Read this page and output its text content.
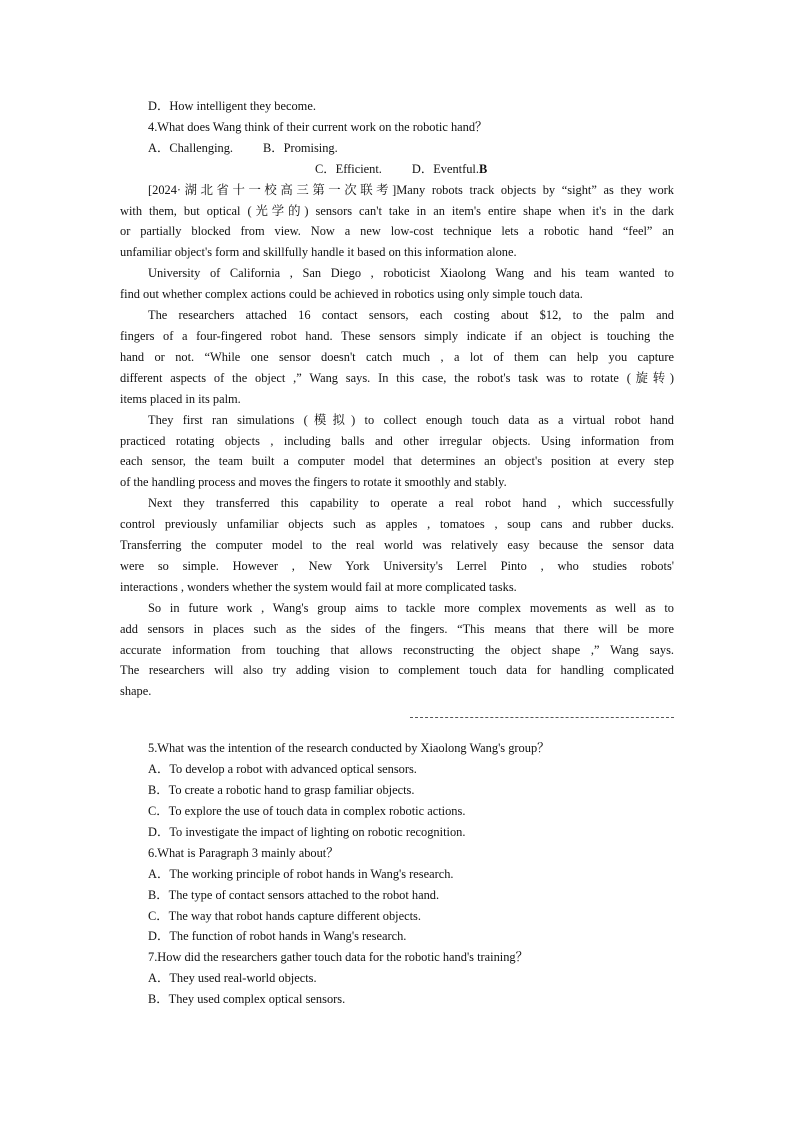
D．How intelligent they become.
4.What does Wang think of their current work on the robotic hand？
A．Challenging. B．Promising.
C．Efficient. D．Eventful.B
[2024·湖北省十一校高三第一次联考]Many robots track objects by “sight” as they work
with them, but optical (光学的) sensors can't take in an item's entire shape when it's in the dark
or partially blocked from view. Now a new low-cost technique lets a robotic hand “feel” an
unfamiliar object's form and skillfully handle it based on this information alone.
University of California , San Diego , roboticist Xiaolong Wang and his team wanted to
find out whether complex actions could be achieved in robotics using only simple touch data.
The researchers attached 16 contact sensors, each costing about $12, to the palm and
fingers of a four-fingered robot hand. These sensors simply indicate if an object is touching the
hand or not. “While one sensor doesn't catch much , a lot of them can help you capture
different aspects of the object ,” Wang says. In this case, the robot's task was to rotate (旋转)
items placed in its palm.
They first ran simulations (模拟) to collect enough touch data as a virtual robot hand
practiced rotating objects , including balls and other irregular objects. Using information from
each sensor, the team built a computer model that determines an object's position at every step
of the handling process and moves the fingers to rotate it smoothly and stably.
Next they transferred this capability to operate a real robot hand , which successfully
control previously unfamiliar objects such as apples , tomatoes , soup cans and rubber ducks.
Transferring the computer model to the real world was relatively easy because the sensor data
were so simple. However , New York University's Lerrel Pinto , who studies robots'
interactions , wonders whether the system would fail at more complicated tasks.
So in future work , Wang's group aims to tackle more complex movements as well as to
add sensors in places such as the sides of the fingers. “This means that there will be more
accurate information from touching that allows reconstructing the object shape ,” Wang says.
The researchers will also try adding vision to complement touch data for handling complicated
shape.
5.What was the intention of the research conducted by Xiaolong Wang's group？
A．To develop a robot with advanced optical sensors.
B．To create a robotic hand to grasp familiar objects.
C．To explore the use of touch data in complex robotic actions.
D．To investigate the impact of lighting on robotic recognition.
6.What is Paragraph 3 mainly about？
A．The working principle of robot hands in Wang's research.
B．The type of contact sensors attached to the robot hand.
C．The way that robot hands capture different objects.
D．The function of robot hands in Wang's research.
7.How did the researchers gather touch data for the robotic hand's training？
A．They used real-world objects.
B．They used complex optical sensors.
